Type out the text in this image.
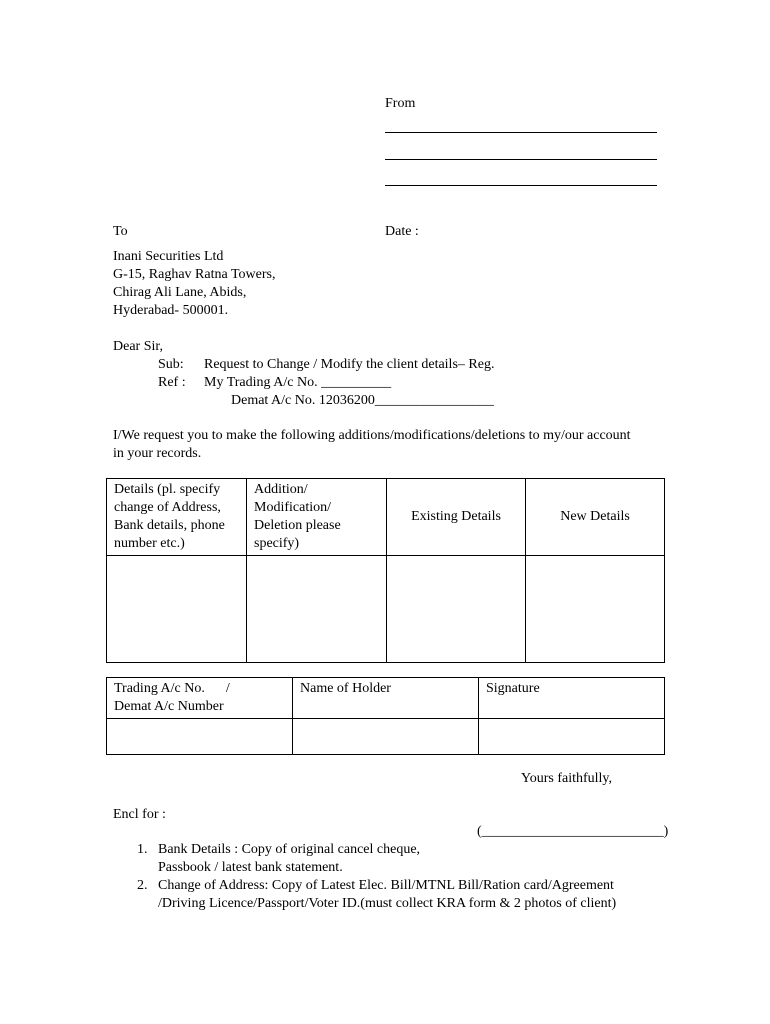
From
To	Date :
Inani Securities Ltd
G-15, Raghav Ratna Towers,
Chirag Ali Lane, Abids,
Hyderabad- 500001.
Dear Sir,
Sub: Request to Change / Modify the client details– Reg.
Ref : My Trading A/c No. __________
Demat A/c No. 12036200_________________
I/We request you to make the following additions/modifications/deletions to my/our account
in your records.
Details (pl. specify change of Address, Bank details, phone number etc.)	Addition/ Modification/ Deletion please specify)	Existing Details	New Details

Trading A/c No.      /
Demat A/c Number	Name of Holder	Signature

Yours faithfully,
Encl for :
(__________________________)
1. Bank Details : Copy of original cancel cheque,
Passbook / latest bank statement.
2. Change of Address: Copy of Latest Elec. Bill/MTNL Bill/Ration card/Agreement
/Driving Licence/Passport/Voter ID.(must collect KRA form & 2 photos of client)
